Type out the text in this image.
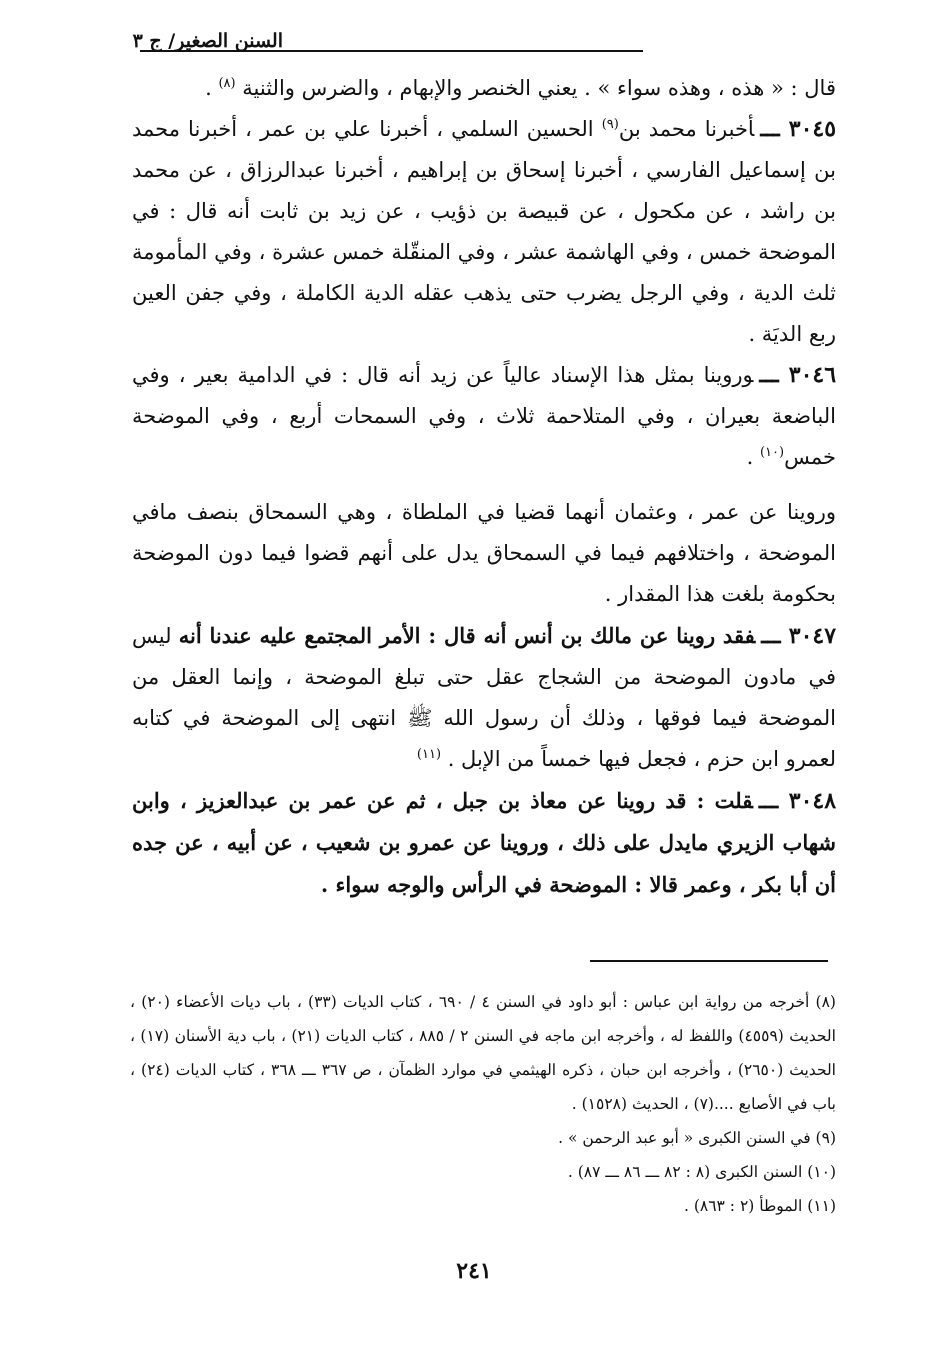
السنن الصغير/ ج ٣

قال : « هذه ، وهذه سواء » . يعني الخنصر والإبهام ، والضرس والثنية $^{(٨)}$ .

٣٠٤٥ ـــأخبرنا محمد بن$^{(٩)}$ الحسين السلمي ، أخبرنا علي بن عمر ، أخبرنا محمد بن إسماعيل الفارسي ، أخبرنا إسحاق بن إبراهيم ، أخبرنا عبدالرزاق ، عن محمد بن راشد ، عن مكحول ، عن قبيصة بن ذؤيب ، عن زيد بن ثابت أنه قال : في الموضحة خمس ، وفي الهاشمة عشر ، وفي المنقّلة خمس عشرة ، وفي المأمومة ثلث الدية ، وفي الرجل يضرب حتى يذهب عقله الدية الكاملة ، وفي جفن العين ربع الديَة .

٣٠٤٦ ـــوروينا بمثل هذا الإسناد عالياً عن زيد أنه قال : في الدامية بعير ، وفي الباضعة بعيران ، وفي المتلاحمة ثلاث ، وفي السمحات أربع ، وفي الموضحة خمس$^{(١٠)}$ .

وروينا عن عمر ، وعثمان أنهما قضيا في الملطاة ، وهي السمحاق بنصف مافي الموضحة ، واختلافهم فيما في السمحاق يدل على أنهم قضوا فيما دون الموضحة بحكومة بلغت هذا المقدار .

٣٠٤٧ ـــفقد روينا عن مالك بن أنس أنه قال : الأمر المجتمع عليه عندنا أنه ليس في مادون الموضحة من الشجاج عقل حتى تبلغ الموضحة ، وإنما العقل من الموضحة فيما فوقها ، وذلك أن رسول الله ﷺ انتهى إلى الموضحة في كتابه لعمرو ابن حزم ، فجعل فيها خمساً من الإبل . $^{(١١)}$

٣٠٤٨ ـــقلت : قد روينا عن معاذ بن جبل ، ثم عن عمر بن عبدالعزيز ، وابن شهاب الزيري مايدل على ذلك ، وروينا عن عمرو بن شعيب ، عن أبيه ، عن جده أن أبا بكر ، وعمر قالا : الموضحة في الرأس والوجه سواء .

(٨) أخرجه من رواية ابن عباس : أبو داود في السنن ٤ / ٦٩٠ ، كتاب الديات (٣٣) ، باب ديات الأعضاء (٢٠) ، الحديث (٤٥٥٩) واللفظ له ، وأخرجه ابن ماجه في السنن ٢ / ٨٨٥ ، كتاب الديات (٢١) ، باب دية الأسنان (١٧) ، الحديث (٢٦٥٠) ، وأخرجه ابن حبان ، ذكره الهيثمي في موارد الظمآن ، ص ٣٦٧ ـــ ٣٦٨ ، كتاب الديات (٢٤) ، باب في الأصابع ....(٧) ، الحديث (١٥٢٨) .

(٩) في السنن الكبرى « أبو عبد الرحمن » .

(١٠) السنن الكبرى (٨ : ٨٢ ـــ ٨٦ ـــ ٨٧) .

(١١) الموطأ (٢ : ٨٦٣) .

٢٤١
